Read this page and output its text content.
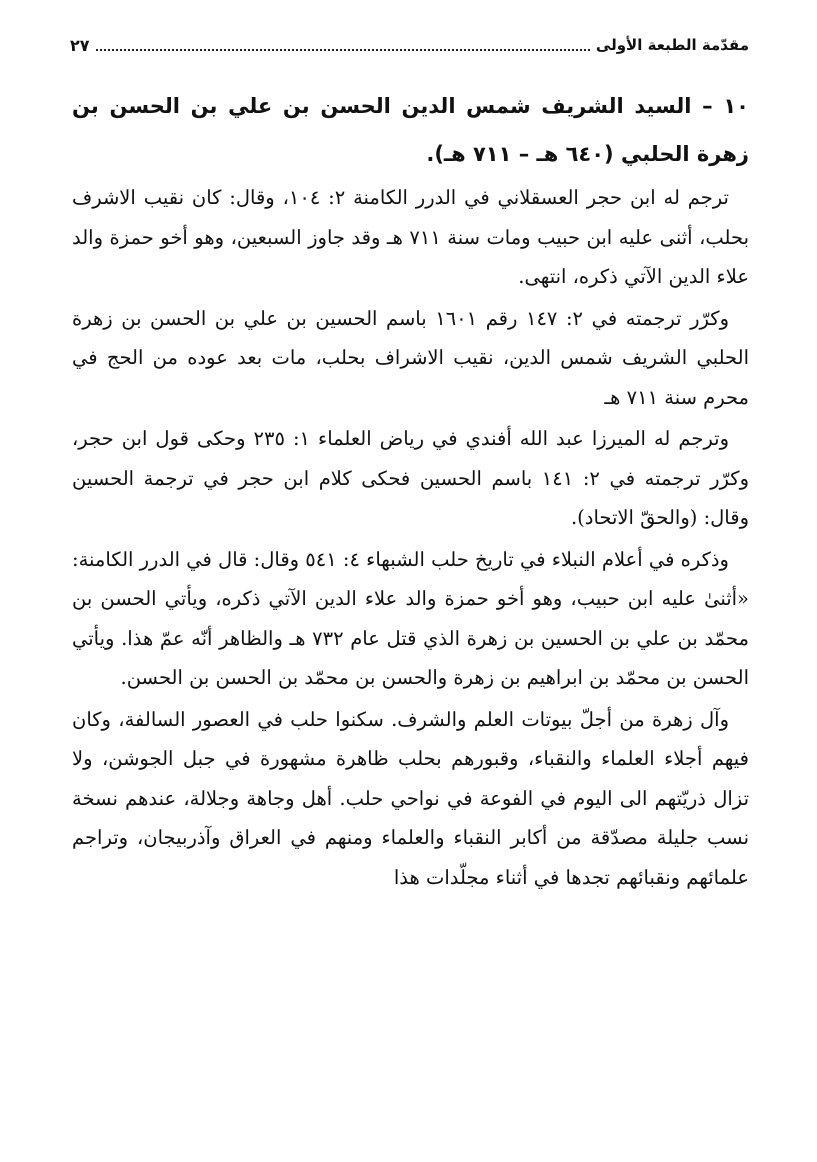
مقدّمة الطبعة الأولى
٢٧
١٠ – السيد الشريف شمس الدين الحسن بن علي بن الحسن بن زهرة الحلبي (٦٤٠ هـ – ٧١١ هـ).

ترجم له ابن حجر العسقلاني في الدرر الكامنة ٢: ١٠٤، وقال: كان نقيب الاشرف بحلب، أثنى عليه ابن حبيب ومات سنة ٧١١ هـ وقد جاوز السبعين، وهو أخو حمزة والد علاء الدين الآتي ذكره، انتهى.

وكرّر ترجمته في ٢: ١٤٧ رقم ١٦٠١ باسم الحسين بن علي بن الحسن بن زهرة الحلبي الشريف شمس الدين، نقيب الاشراف بحلب، مات بعد عوده من الحج في محرم سنة ٧١١ هـ

وترجم له الميرزا عبد الله أفندي في رياض العلماء ١: ٢٣٥ وحكى قول ابن حجر، وكرّر ترجمته في ٢: ١٤١ باسم الحسين فحكى كلام ابن حجر في ترجمة الحسين وقال: (والحقّ الاتحاد).

وذكره في أعلام النبلاء في تاريخ حلب الشبهاء ٤: ٥٤١ وقال: قال في الدرر الكامنة: «أثنىٰ عليه ابن حبيب، وهو أخو حمزة والد علاء الدين الآتي ذكره، ويأتي الحسن بن محمّد بن علي بن الحسين بن زهرة الذي قتل عام ٧٣٢ هـ والظاهر أنّه عمّ هذا. ويأتي الحسن بن محمّد بن ابراهيم بن زهرة والحسن بن محمّد بن الحسن بن الحسن.

وآل زهرة من أجلّ بيوتات العلم والشرف. سكنوا حلب في العصور السالفة، وكان فيهم أجلاء العلماء والنقباء، وقبورهم بحلب ظاهرة مشهورة في جبل الجوشن، ولا تزال ذريّتهم الى اليوم في الفوعة في نواحي حلب. أهل وجاهة وجلالة، عندهم نسخة نسب جليلة مصدّقة من أكابر النقباء والعلماء ومنهم في العراق وآذربيجان، وتراجم علمائهم ونقبائهم تجدها في أثناء مجلّدات هذا
